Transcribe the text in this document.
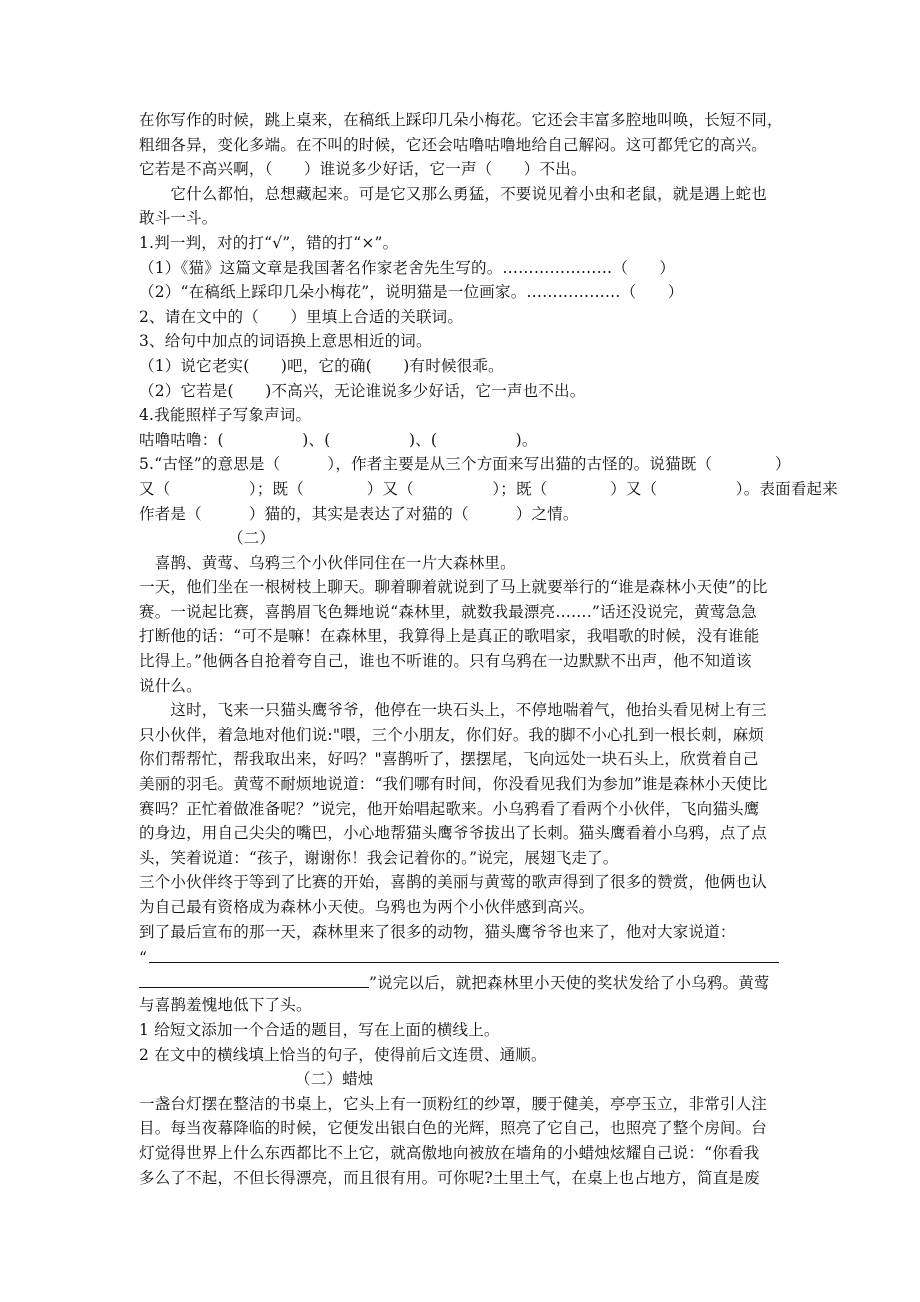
在你写作的时候，跳上桌来，在稿纸上踩印几朵小梅花。它还会丰富多腔地叫唤，长短不同，
粗细各异，变化多端。在不叫的时候，它还会咕噜咕噜地给自己解闷。这可都凭它的高兴。
它若是不高兴啊，（　　）谁说多少好话，它一声（　　）不出。
　　它什么都怕，总想藏起来。可是它又那么勇猛，不要说见着小虫和老鼠，就是遇上蛇也
敢斗一斗。
1.判一判，对的打“√”，错的打“×”。
（1）《猫》这篇文章是我国著名作家老舍先生写的。…………………（　　）
（2）“在稿纸上踩印几朵小梅花”，说明猫是一位画家。………………（　　）
2、请在文中的（　　）里填上合适的关联词。
3、给句中加点的词语换上意思相近的词。
（1）说它老实(　　)吧，它的确(　　)有时候很乖。
（2）它若是(　　)不高兴，无论谁说多少好话，它一声也不出。
4.我能照样子写象声词。
咕噜咕噜：(　　　　　)、(　　　　　)、(　　　　　)。
5.“古怪”的意思是（　　　），作者主要是从三个方面来写出猫的古怪的。说猫既（　　　　）
又（　　　　　）；既（　　　　）又（　　　　　）；既（　　　　）又（　　　　　）。表面看起来
作者是（　　　）猫的，其实是表达了对猫的（　　　）之情。
（二）
　喜鹊、黄莺、乌鸦三个小伙伴同住在一片大森林里。
一天，他们坐在一根树枝上聊天。聊着聊着就说到了马上就要举行的“谁是森林小天使”的比
赛。一说起比赛，喜鹊眉飞色舞地说“森林里，就数我最漂亮…….”话还没说完，黄莺急急
打断他的话：“可不是嘛！在森林里，我算得上是真正的歌唱家，我唱歌的时候，没有谁能
比得上。”他俩各自抢着夸自己，谁也不听谁的。只有乌鸦在一边默默不出声，他不知道该
说什么。
　　这时，飞来一只猫头鹰爷爷，他停在一块石头上，不停地喘着气，他抬头看见树上有三
只小伙伴，着急地对他们说:"喂，三个小朋友，你们好。我的脚不小心扎到一根长刺，麻烦
你们帮帮忙，帮我取出来，好吗？"喜鹊听了，摆摆尾，飞向远处一块石头上，欣赏着自己
美丽的羽毛。黄莺不耐烦地说道：“我们哪有时间，你没看见我们为参加”谁是森林小天使比
赛吗？正忙着做准备呢？”说完，他开始唱起歌来。小乌鸦看了看两个小伙伴，飞向猫头鹰
的身边，用自己尖尖的嘴巴，小心地帮猫头鹰爷爷拔出了长刺。猫头鹰看着小乌鸦，点了点
头，笑着说道：“孩子，谢谢你！我会记着你的。”说完，展翅飞走了。
三个小伙伴终于等到了比赛的开始，喜鹊的美丽与黄莺的歌声得到了很多的赞赏，他俩也认
为自己最有资格成为森林小天使。乌鸦也为两个小伙伴感到高兴。
到了最后宣布的那一天，森林里来了很多的动物，猫头鹰爷爷也来了，他对大家说道：
“
”说完以后，就把森林里小天使的奖状发给了小乌鸦。黄莺
与喜鹊羞愧地低下了头。
1 给短文添加一个合适的题目，写在上面的横线上。
2 在文中的横线填上恰当的句子，使得前后文连贯、通顺。
（二）蜡烛
一盏台灯摆在整洁的书桌上，它头上有一顶粉红的纱罩，腰于健美，亭亭玉立，非常引人注
目。每当夜幕降临的时候，它便发出银白色的光辉，照亮了它自己，也照亮了整个房间。台
灯觉得世界上什么东西都比不上它，就高傲地向被放在墙角的小蜡烛炫耀自己说：“你看我
多么了不起，不但长得漂亮，而且很有用。可你呢?土里土气，在桌上也占地方，简直是废
